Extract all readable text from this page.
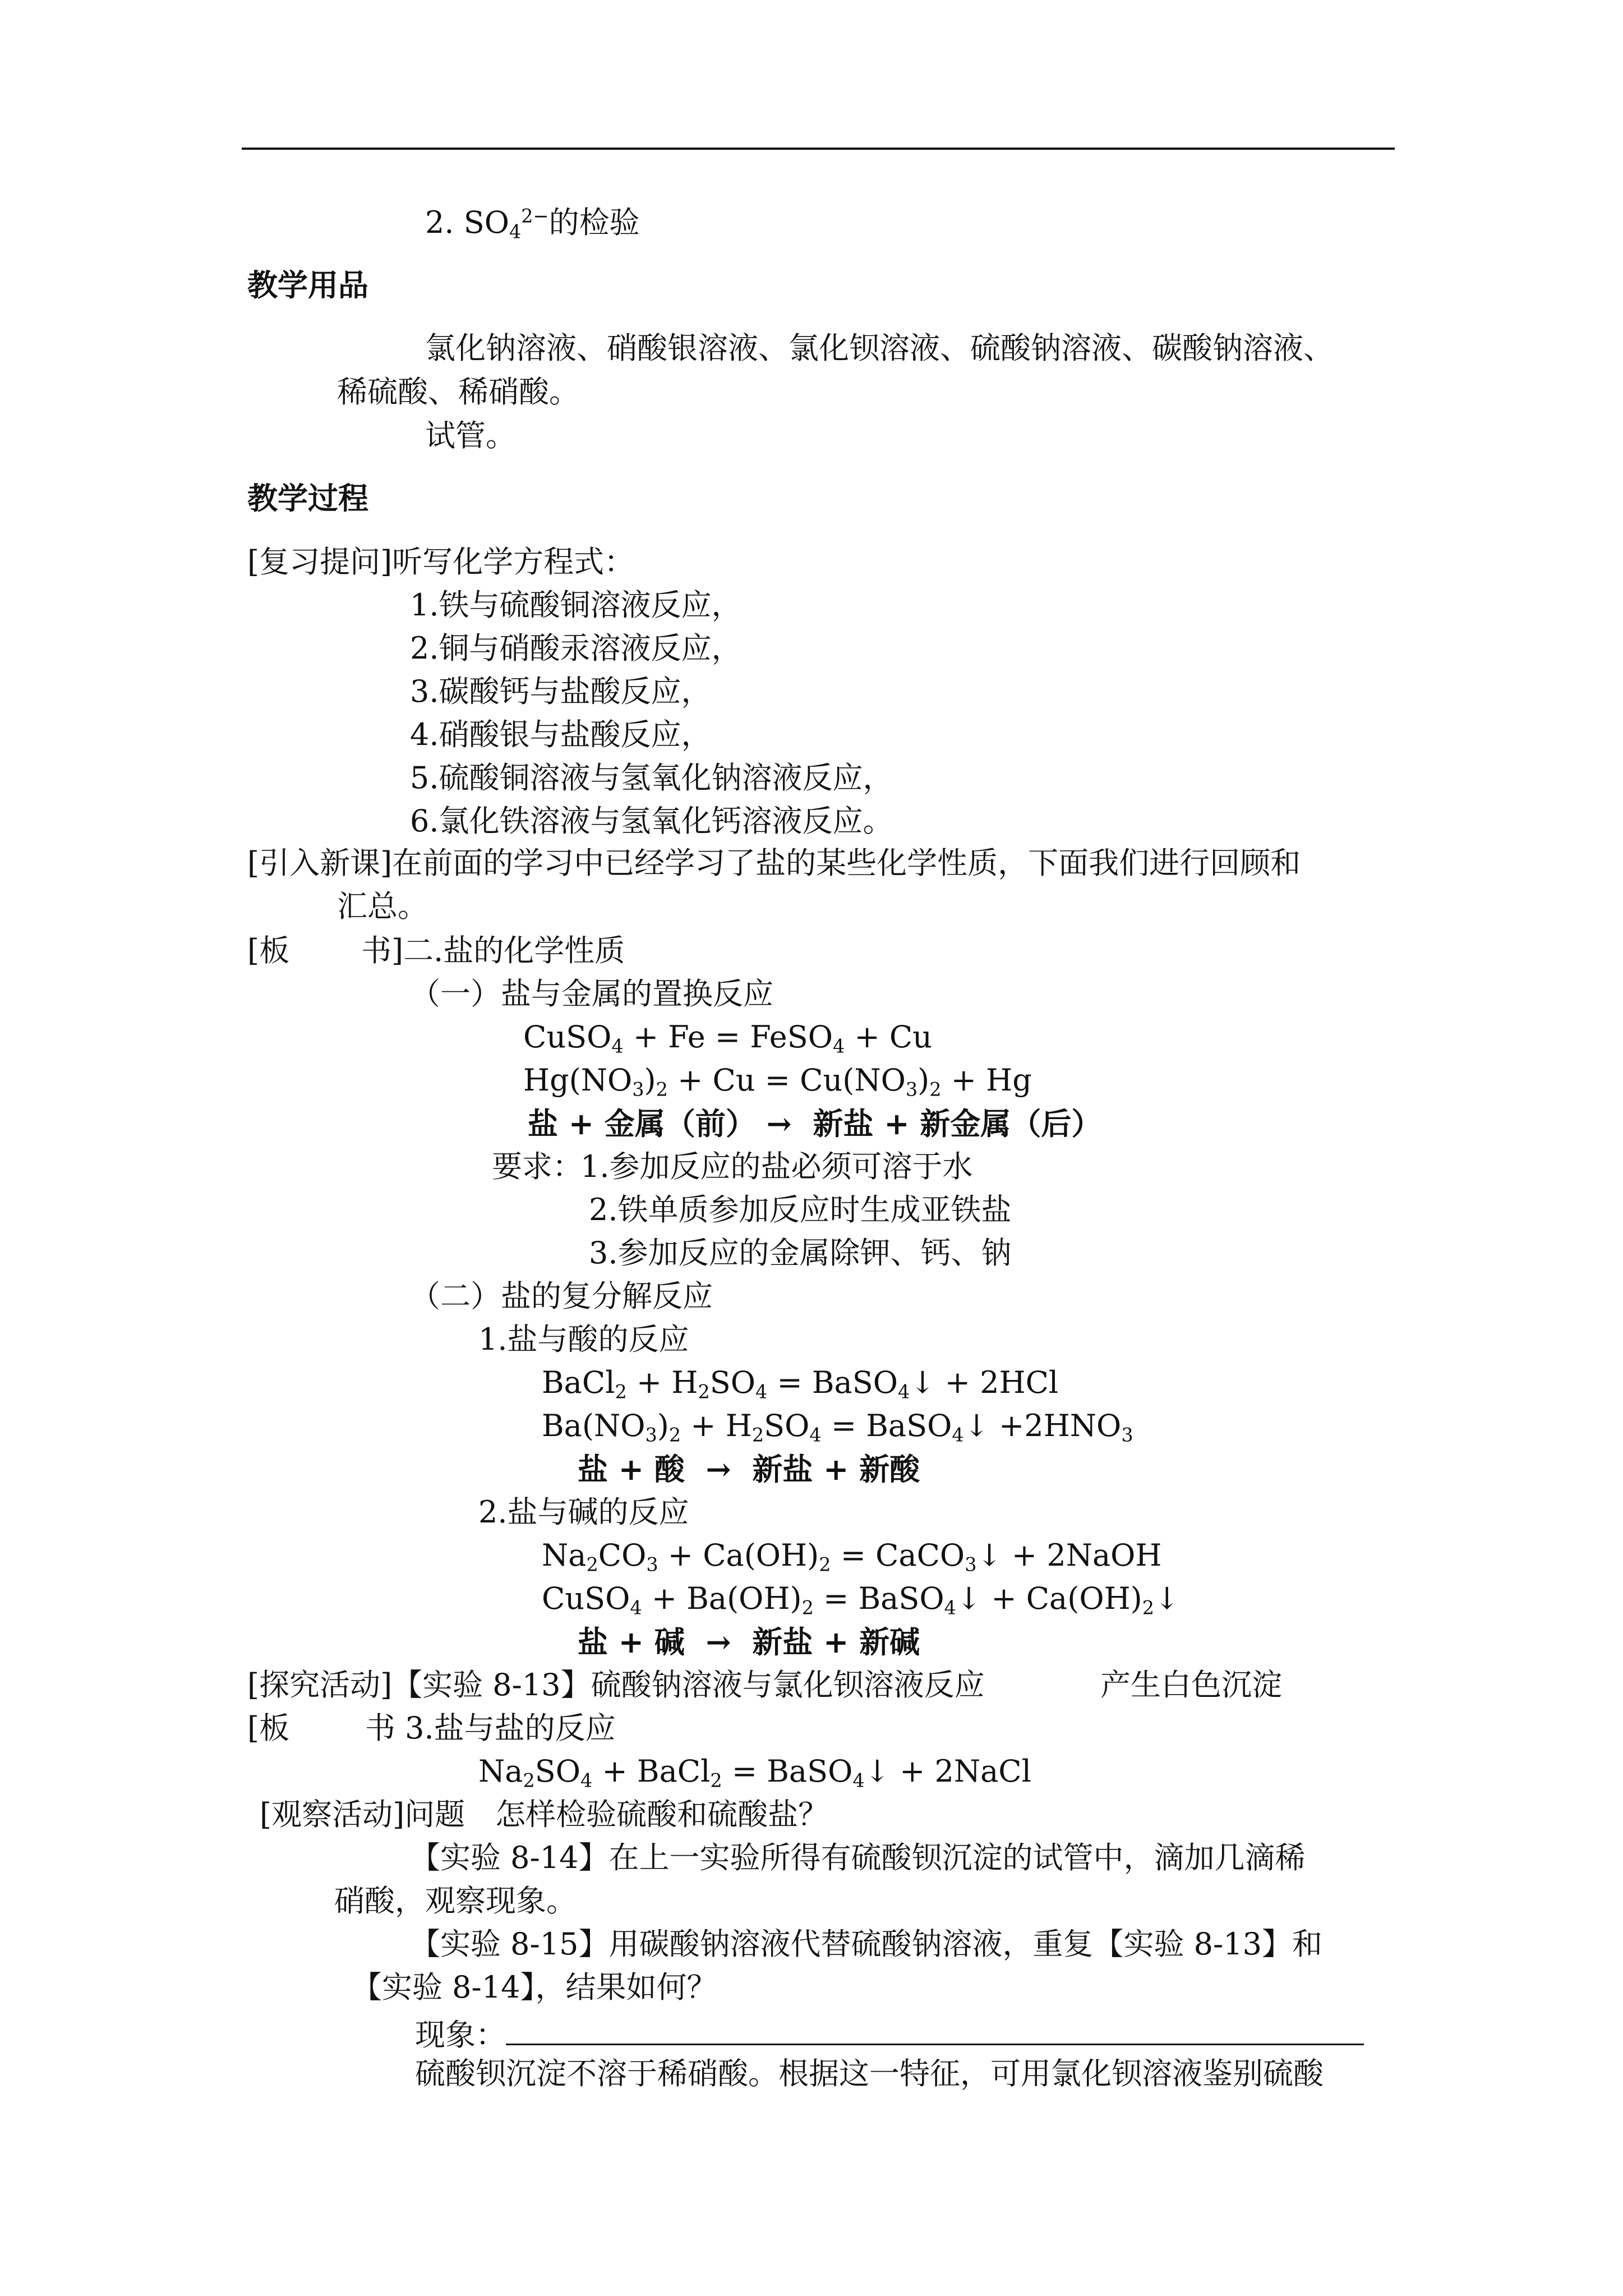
2. $SO_4^{2-}$的检验
教学用品
氯化钠溶液、硝酸银溶液、氯化钡溶液、硫酸钠溶液、碳酸钠溶液、
稀硫酸、稀硝酸。
试管。
教学过程
[复习提问]听写化学方程式：
1.铁与硫酸铜溶液反应，
2.铜与硝酸汞溶液反应，
3.碳酸钙与盐酸反应，
4.硝酸银与盐酸反应，
5.硫酸铜溶液与氢氧化钠溶液反应，
6.氯化铁溶液与氢氧化钙溶液反应。
[引入新课]在前面的学习中已经学习了盐的某些化学性质，下面我们进行回顾和
汇总。
[板 书]二.盐的化学性质
（一）盐与金属的置换反应
CuSO$_4$ + Fe = FeSO$_4$ + Cu
$Hg(NO_3)_2 + Cu = Cu(NO_3)_2 + Hg$
盐 + 金属（前） → 新盐 + 新金属（后）
要求：
1.参加反应的盐必须可溶于水
2.铁单质参加反应时生成亚铁盐
3.参加反应的金属除钾、钙、钠
（二）盐的复分解反应
1.盐与酸的反应
BaCl$_2$ + $H_2SO_4$ = BaSO$_4$↓ + 2HCl
$Ba(NO_3)_2 + H_2SO_4$ = BaSO$_4$↓ $+2HNO_3$
盐 + 酸 → 新盐 + 新酸
2.盐与碱的反应
$Na_2CO_3 + Ca(OH)_2$ = CaCO$_3$↓ + 2NaOH
CuSO$_4$ + $Ba(OH)_2$ = BaSO$_4$↓ + $Ca(OH)_2↓$
盐 + 碱 → 新盐 + 新碱
[探究活动]【实验 8-13】硫酸钠溶液与氯化钡溶液反应	产生白色沉淀
[板 书 3.盐与盐的反应
$Na_2SO_4$ + BaCl$_2$ = BaSO$_4$↓ + 2NaCl
[观察活动]问题　怎样检验硫酸和硫酸盐？
【实验 8-14】在上一实验所得有硫酸钡沉淀的试管中，滴加几滴稀
硝酸，观察现象。
【实验 8-15】用碳酸钠溶液代替硫酸钠溶液，重复【实验 8-13】和
【实验 8-14】，结果如何？
现象：
硫酸钡沉淀不溶于稀硝酸。根据这一特征，可用氯化钡溶液鉴别硫酸
